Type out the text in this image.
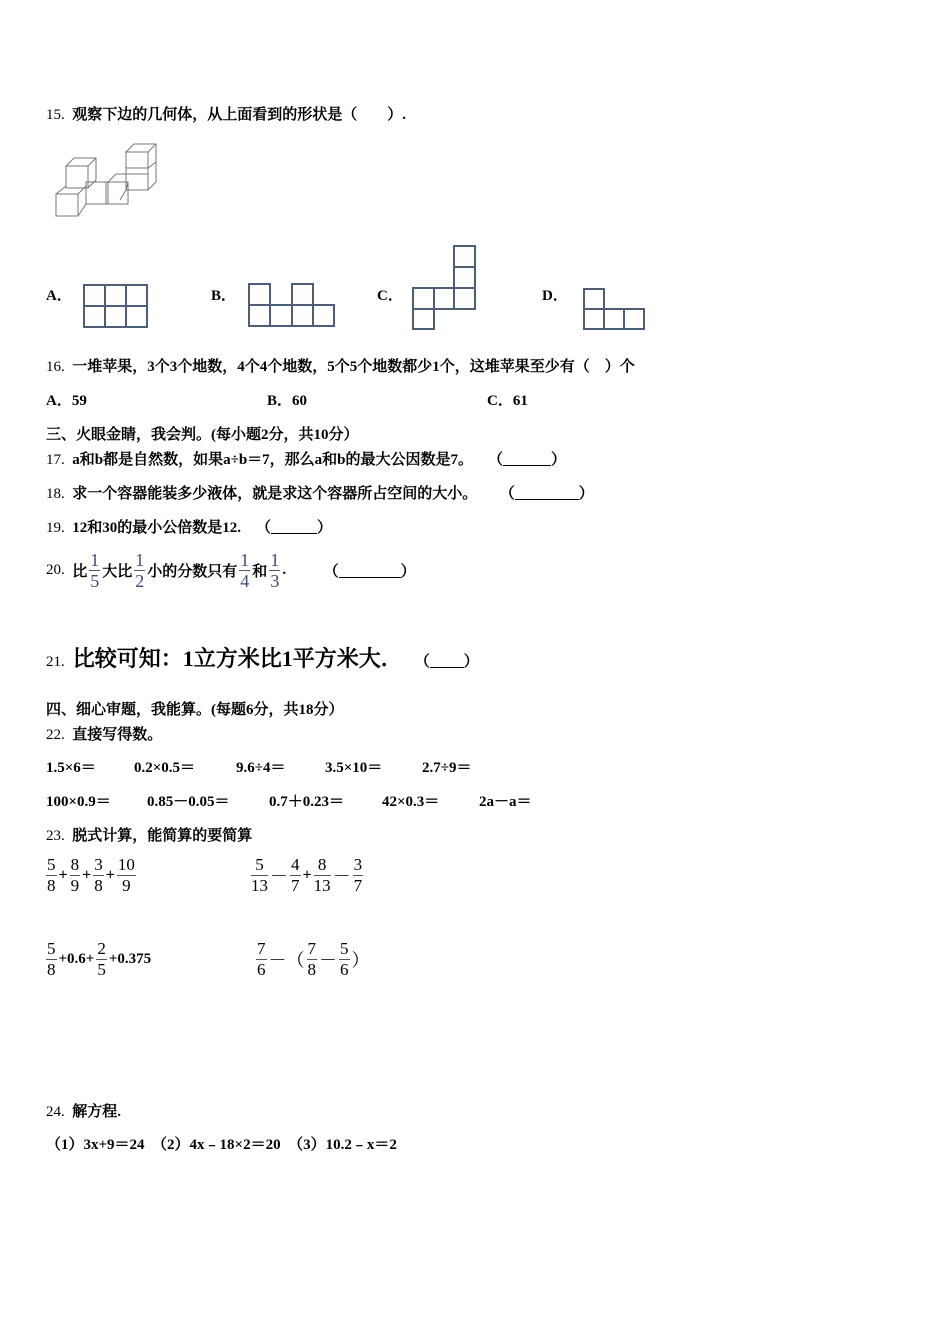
15. 观察下边的几何体，从上面看到的形状是（　　）.
A．	B．	C．	D．
16. 一堆苹果，3个3个地数，4个4个地数，5个5个地数都少1个，这堆苹果至少有（　）个
A．59	B．60	C．61
三、火眼金睛，我会判。(每小题2分，共10分）
17. a和b都是自然数，如果a÷b＝7，那么a和b的最大公因数是7。 （	）
18. 求一个容器能装多少液体，就是求这个容器所占空间的大小。 （	）
19. 12和30的最小公倍数是12. （	）
20. 比 $\frac{1}{5}$ 大比 $\frac{1}{2}$ 小的分数只有 $\frac{1}{4}$ 和 $\frac{1}{3}$ .	（	）
21. 比较可知：1立方米比1平方米大． （ ）
四、细心审题，我能算。(每题6分，共18分）
22. 直接写得数。
1.5×6＝	0.2×0.5＝	9.6÷4＝	3.5×10＝	2.7÷9＝
100×0.9＝ 0.85－0.05＝	0.7＋0.23＝	42×0.3＝	2a－a＝
23. 脱式计算，能简算的要简算
$\frac{5}{8} + \frac{8}{9} + \frac{3}{8} + \frac{10}{9}$	$\frac{5}{13} - \frac{4}{7} + \frac{8}{13} - \frac{3}{7}$
$\frac{5}{8} +0.6+ \frac{2}{5} +0.375$	$\frac{7}{6}$ －（ $\frac{7}{8} - \frac{5}{6}$ ）
24. 解方程.
（1）3x+9＝24　（2）4x﹣18×2＝20　（3）10.2﹣x＝2
